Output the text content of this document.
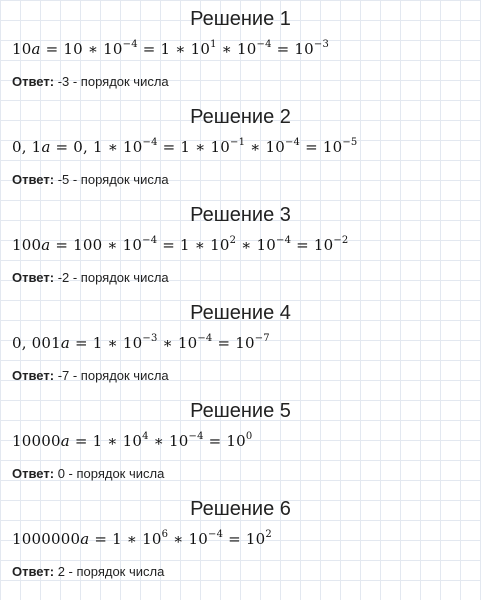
Решение 1
10a = 10 ∗ $10^{-4} = 1$ ∗ $10^1$ ∗ $10^{-4} = 10^{-3}$
Ответ: -3 - порядок числа
Решение 2
0, 1a = 0, 1 ∗ $10^{-4} = 1$ ∗ $10^{-1}$ ∗ $10^{-4} = 10^{-5}$
Ответ: -5 - порядок числа
Решение 3
100a = 100 ∗ $10^{-4} = 1$ ∗ $10^2$ ∗ $10^{-4} = 10^{-2}$
Ответ: -2 - порядок числа
Решение 4
0, 001a = 1 ∗ $10^{-3}$ ∗ $10^{-4} = 10^{-7}$
Ответ: -7 - порядок числа
Решение 5
10000a = 1 ∗ $10^4$ ∗ $10^{-4} = 10^0$
Ответ: 0 - порядок числа
Решение 6
1000000a = 1 ∗ $10^6$ ∗ $10^{-4} = 10^2$
Ответ: 2 - порядок числа
